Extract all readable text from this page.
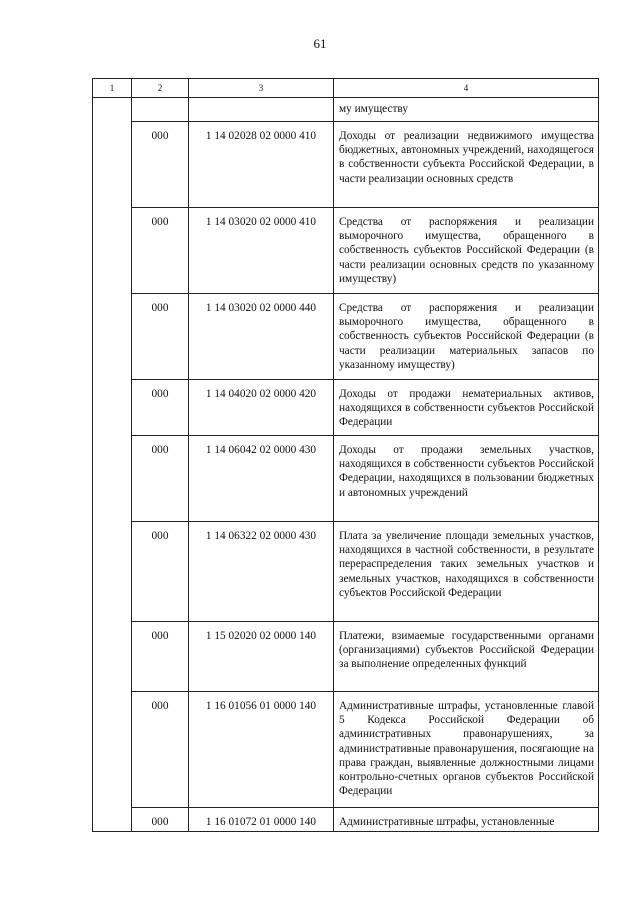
61
1	2	3	4
			му имуществу
	000	1 14 02028 02 0000 410	Доходы от реализации недвижимого имущества бюджетных, автономных учреждений, находящегося в собственности субъекта Российской Федерации, в части реализации основных средств
	000	1 14 03020 02 0000 410	Средства от распоряжения и реализации выморочного имущества, обращенного в собственность субъектов Российской Федерации (в части реализации основных средств по указанному имуществу)
	000	1 14 03020 02 0000 440	Средства от распоряжения и реализации выморочного имущества, обращенного в собственность субъектов Российской Федерации (в части реализации материальных запасов по указанному имуществу)
	000	1 14 04020 02 0000 420	Доходы от продажи нематериальных активов, находящихся в собственности субъектов Российской Федерации
	000	1 14 06042 02 0000 430	Доходы от продажи земельных участков, находящихся в собственности субъектов Российской Федерации, находящихся в пользовании бюджетных и автономных учреждений
	000	1 14 06322 02 0000 430	Плата за увеличение площади земельных участков, находящихся в частной собственности, в результате перераспределения таких земельных участков и земельных участков, находящихся в собственности субъектов Российской Федерации
	000	1 15 02020 02 0000 140	Платежи, взимаемые государственными органами (организациями) субъектов Российской Федерации за выполнение определенных функций
	000	1 16 01056 01 0000 140	Административные штрафы, установленные главой 5 Кодекса Российской Федерации об административных правонарушениях, за административные правонарушения, посягающие на права граждан, выявленные должностными лицами контрольно-счетных органов субъектов Российской Федерации
	000	1 16 01072 01 0000 140	Административные штрафы, установленные
